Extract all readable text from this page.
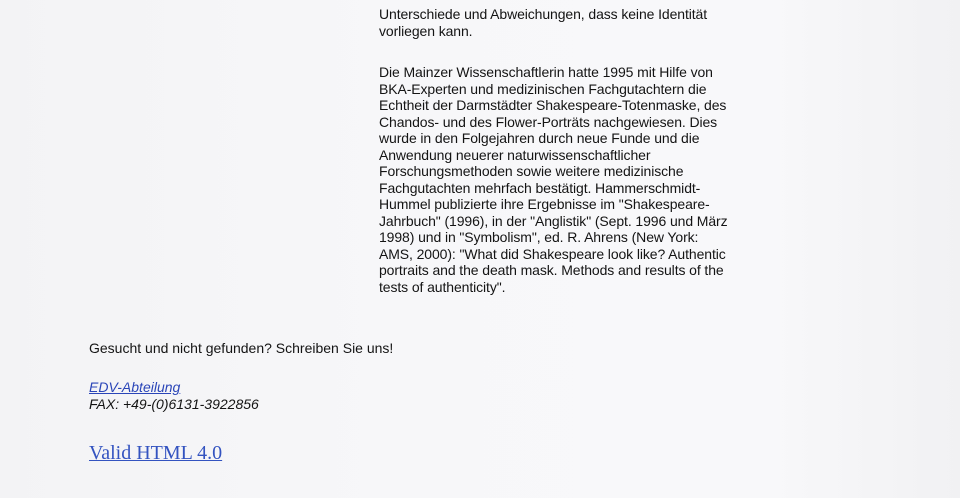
Unterschiede und Abweichungen, dass keine Identität

vorliegen kann.

Die Mainzer Wissenschaftlerin hatte 1995 mit Hilfe von

BKA-Experten und medizinischen Fachgutachtern die

Echtheit der Darmstädter Shakespeare-Totenmaske, des

Chandos- und des Flower-Porträts nachgewiesen. Dies

wurde in den Folgejahren durch neue Funde und die

Anwendung neuerer naturwissenschaftlicher

Forschungsmethoden sowie weitere medizinische

Fachgutachten mehrfach bestätigt. Hammerschmidt-

Hummel publizierte ihre Ergebnisse im "Shakespeare-

Jahrbuch" (1996), in der "Anglistik" (Sept. 1996 und März

1998) und in "Symbolism", ed. R. Ahrens (New York:

AMS, 2000): "What did Shakespeare look like? Authentic

portraits and the death mask. Methods and results of the

tests of authenticity".

Gesucht und nicht gefunden? Schreiben Sie uns!
EDV-Abteilung
FAX: +49-(0)6131-3922856
Valid HTML 4.0
